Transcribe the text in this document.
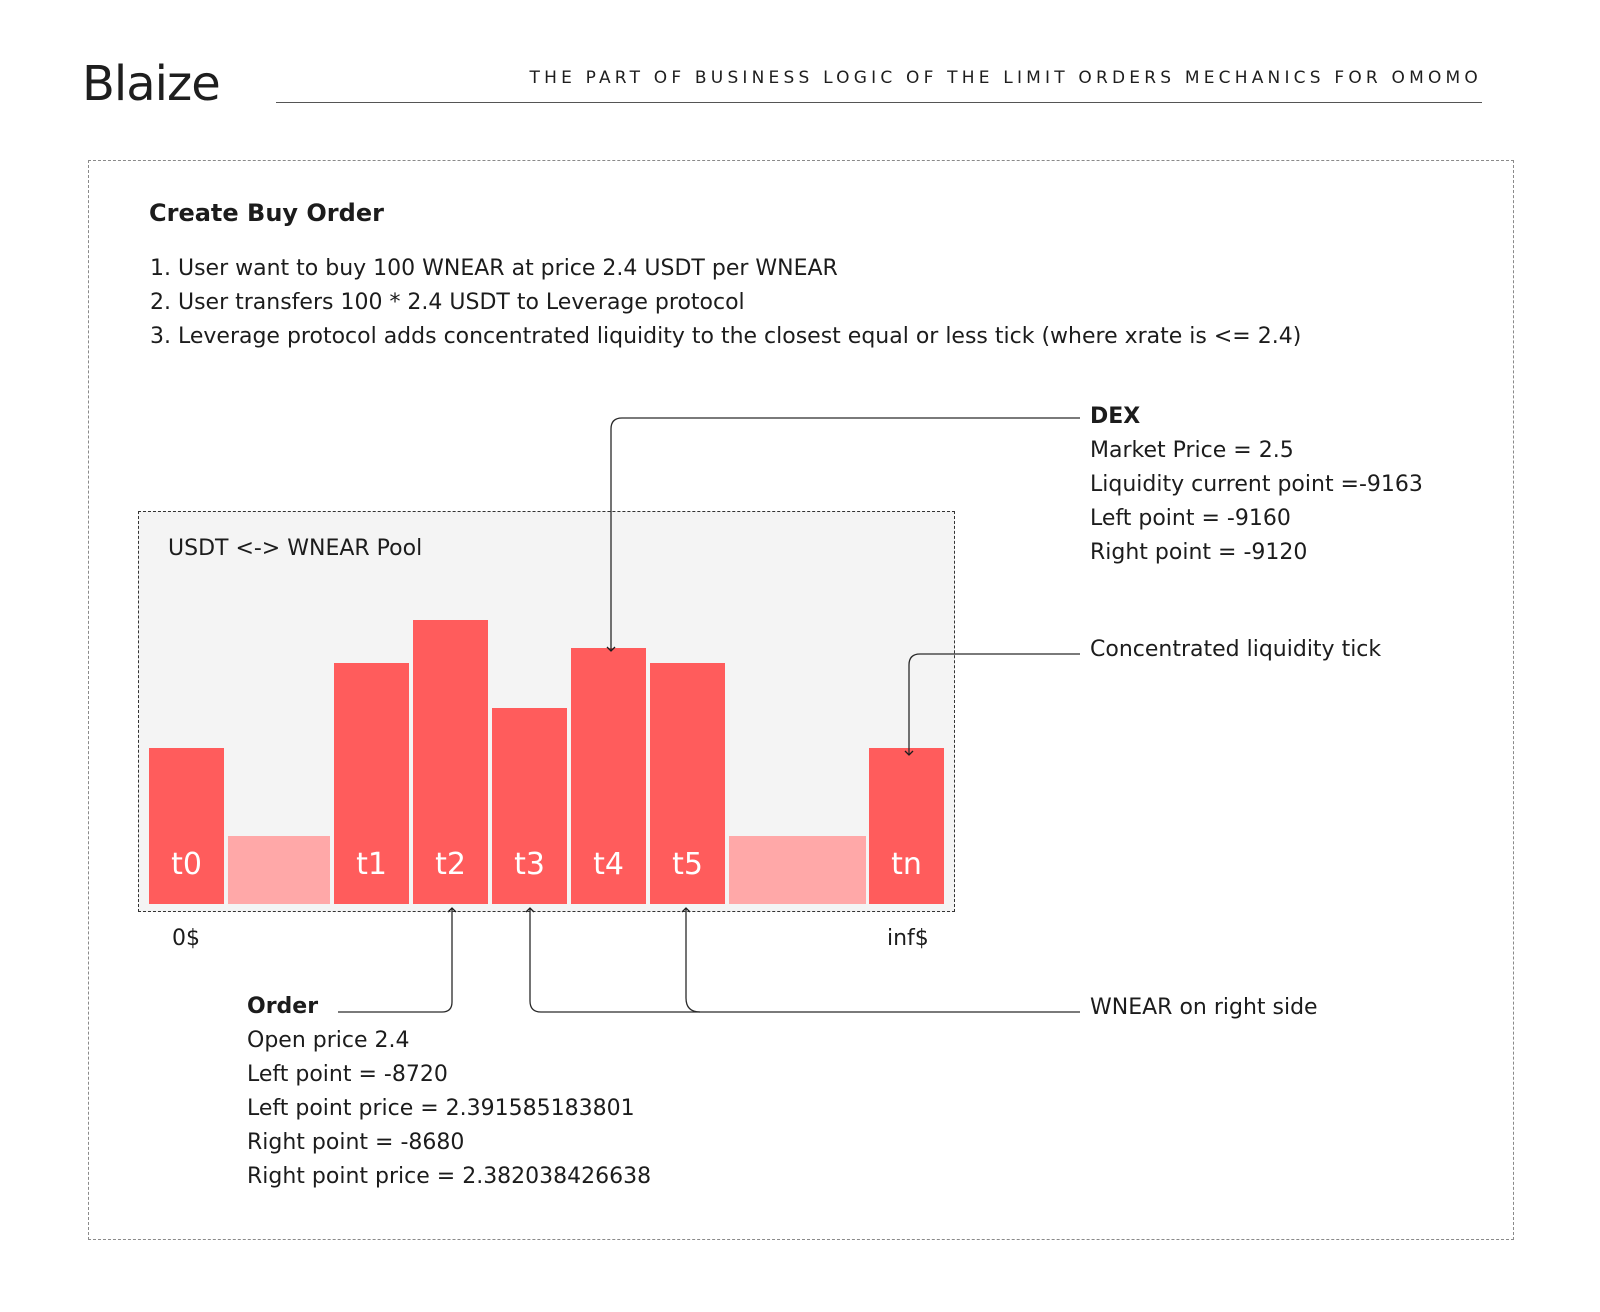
Blaize	THE PART OF BUSINESS LOGIC OF THE LIMIT ORDERS MECHANICS FOR OMOMO
Create Buy Order
1. User want to buy 100 WNEAR at price 2.4 USDT per WNEAR
2. User transfers 100 * 2.4 USDT to Leverage protocol
3. Leverage protocol adds concentrated liquidity to the closest equal or less tick (where xrate is <= 2.4)
USDT <-> WNEAR Pool
t0	t1	t2	t3	t4	t5	tn
0$	inf$
DEX
Market Price = 2.5
Liquidity current point =-9163
Left point = -9160
Right point = -9120
Concentrated liquidity tick
WNEAR on right side
Order
Open price 2.4
Left point = -8720
Left point price = 2.391585183801
Right point = -8680
Right point price = 2.382038426638
